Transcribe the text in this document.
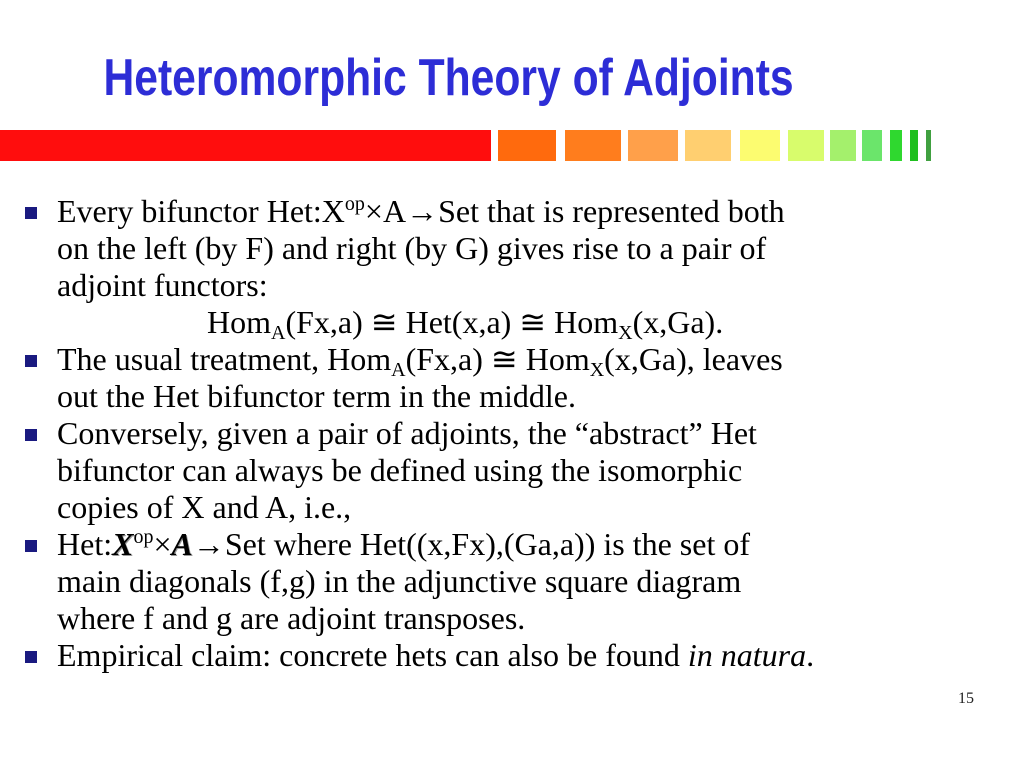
Heteromorphic Theory of Adjoints
Every bifunctor $Het:X^{op}\times A\to Set$ that is represented both
on the left (by F) and right (by G) gives rise to a pair of
adjoint functors:
Hom$_A$(Fx,a) ≅ Het(x,a) ≅ Hom$_X$(x,Ga).
The usual treatment, Hom$_A$(Fx,a) ≅ Hom$_X$(x,Ga), leaves
out the Het bifunctor term in the middle.
Conversely, given a pair of adjoints, the “abstract” Het
bifunctor can always be defined using the isomorphic
copies of X and A, i.e.,
$Het:X^{op}\times A\to Set$ where Het((x,Fx),(Ga,a)) is the set of
main diagonals (f,g) in the adjunctive square diagram
where f and g are adjoint transposes.
Empirical claim: concrete hets can also be found in natura.
15
